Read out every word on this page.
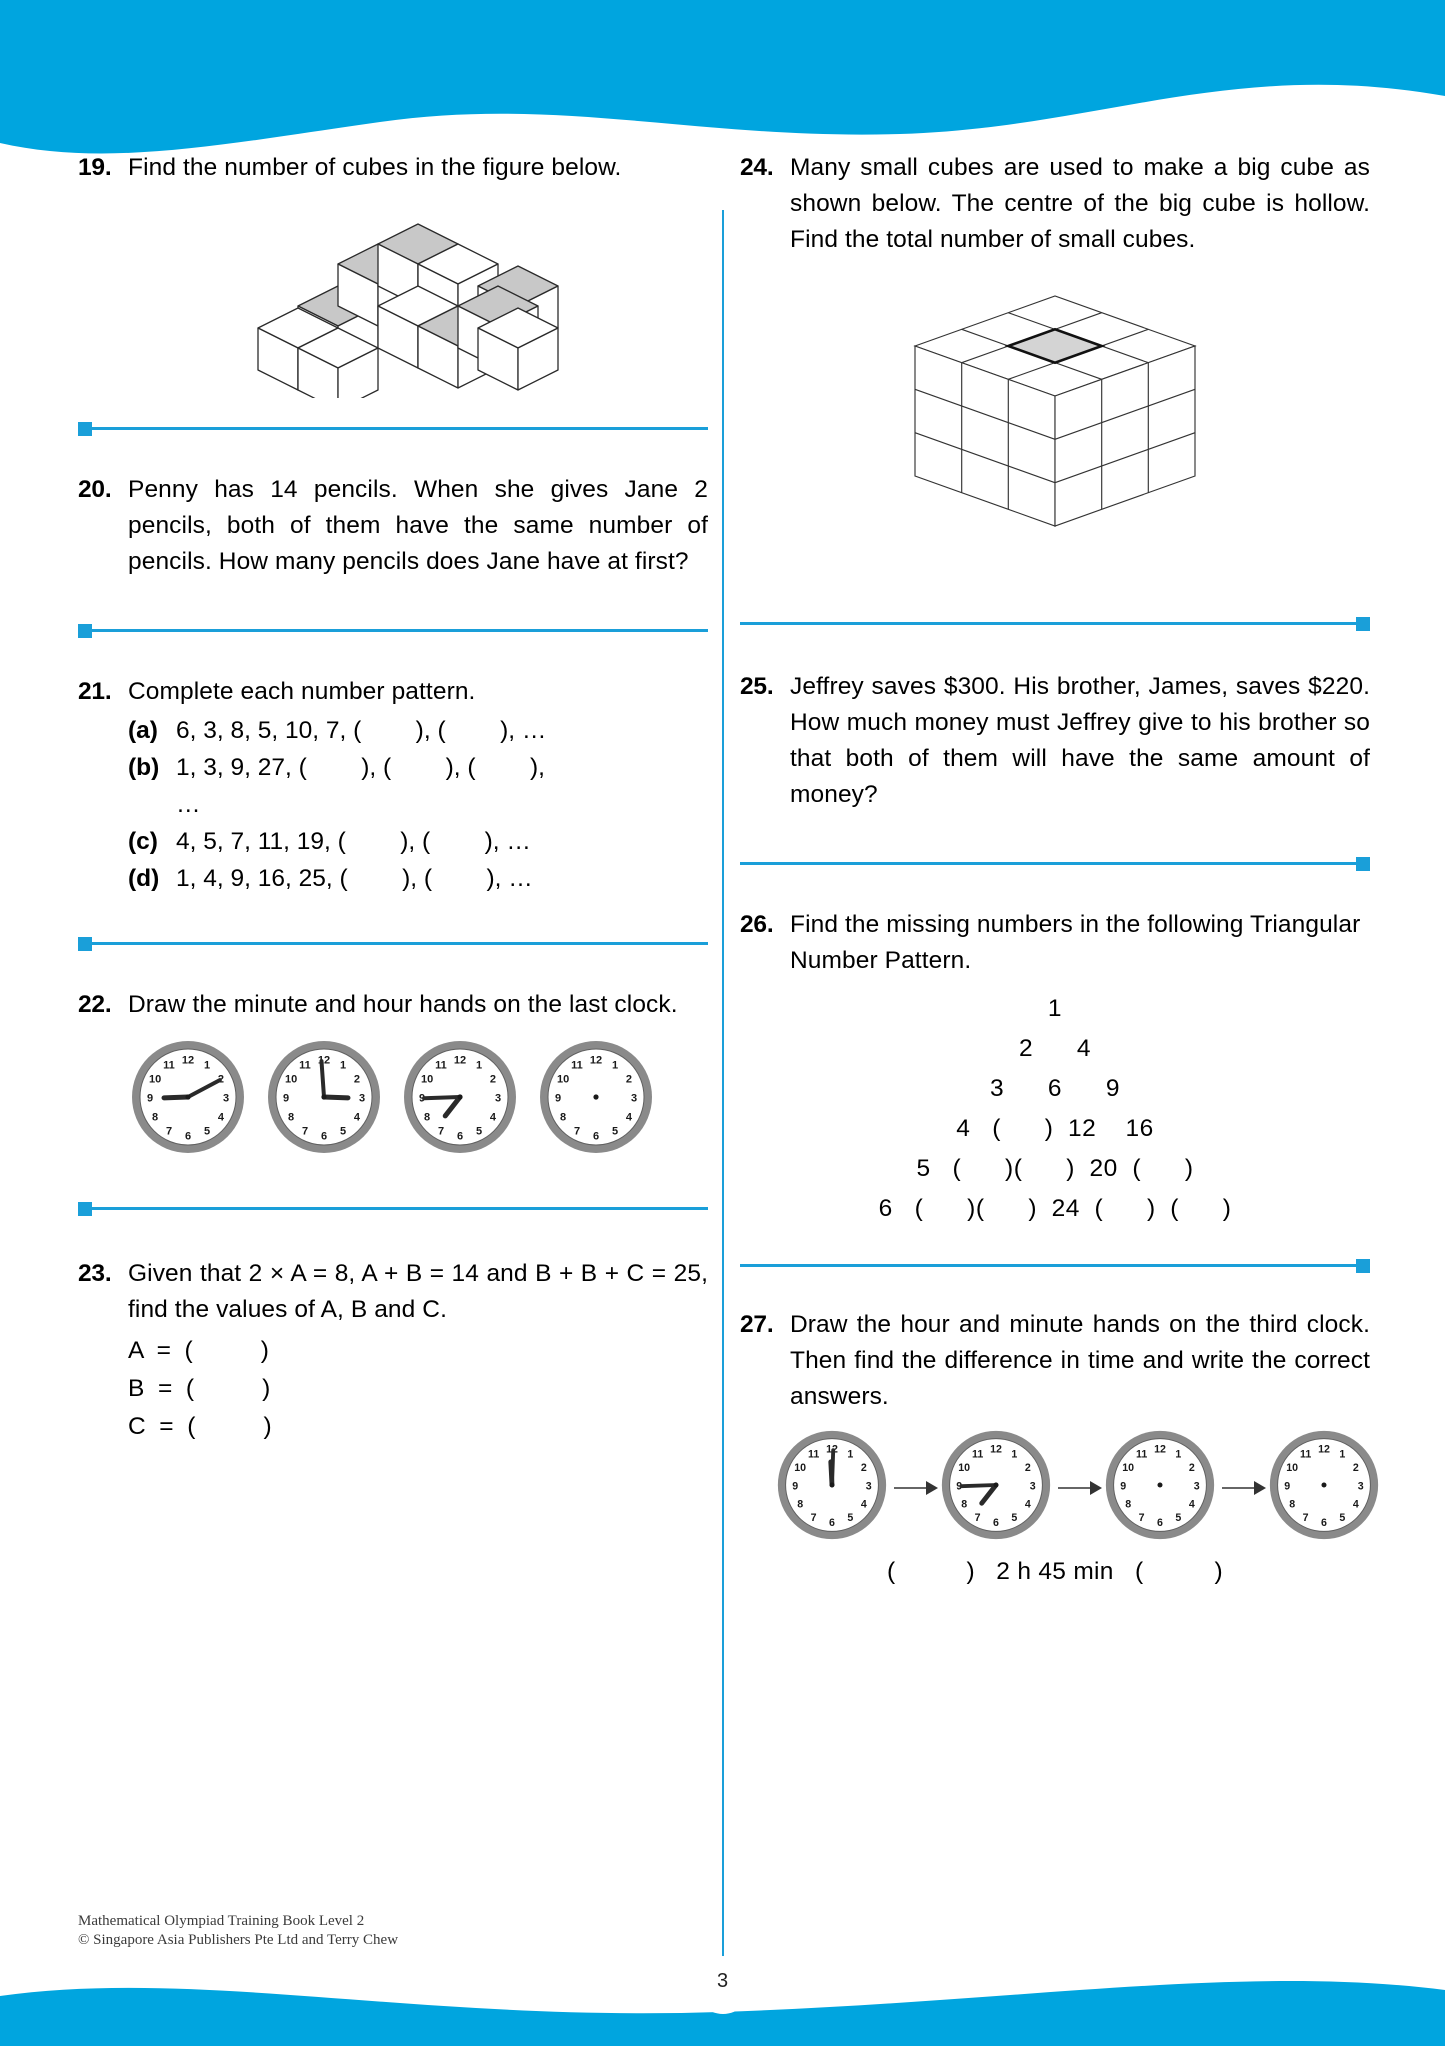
19. Find the number of cubes in the figure below.
20. Penny has 14 pencils. When she gives Jane 2 pencils, both of them have the same number of pencils. How many pencils does Jane have at first?
21. Complete each number pattern.
(a) 6, 3, 8, 5, 10, 7, (        ), (        ), …
(b) 1, 3, 9, 27, (        ), (        ), (        ),
…
(c) 4, 5, 7, 11, 19, (        ), (        ), …
(d) 1, 4, 9, 16, 25, (        ), (        ), …
22. Draw the minute and hour hands on the last clock.
12 1
2
3
4
5
6
7
8
9
10
11	12 1
2
3
4
5
6
7
8
9
10
11	12 1
2
3
4
5
6
7
8
9
10
11	12 1
2
3
4
5
6
7
8
9
10
11
23. Given that 2 × A = 8, A + B = 14 and B + B + C = 25, find the values of A, B and C.
A  =  (          )
B  =  (          )
C  =  (          )
24. Many small cubes are used to make a big cube as shown below. The centre of the big cube is hollow. Find the total number of small cubes.
25. Jeffrey saves $300. His brother, James, saves $220. How much money must Jeffrey give to his brother so that both of them will have the same amount of money?
26. Find the missing numbers in the following Triangular Number Pattern.
1
2      4
3      6      9
4   (      )  12    16
5   (      )(      )  20  (      )
6   (      )(      )  24  (      )  (      )
27. Draw the hour and minute hands on the third clock. Then find the difference in time and write the correct answers.
12 1
2
3
4
5
6
7
8
9
10
11	12 1
2
3
4
5
6
7
8
9
10
11	12 1
2
3
4
5
6
7
8
9
10
11	12 1
2
3
4
5
6
7
8
9
10
11
(          )   2 h 45 min   (          )
Mathematical Olympiad Training Book Level 2
© Singapore Asia Publishers Pte Ltd and Terry Chew
3
